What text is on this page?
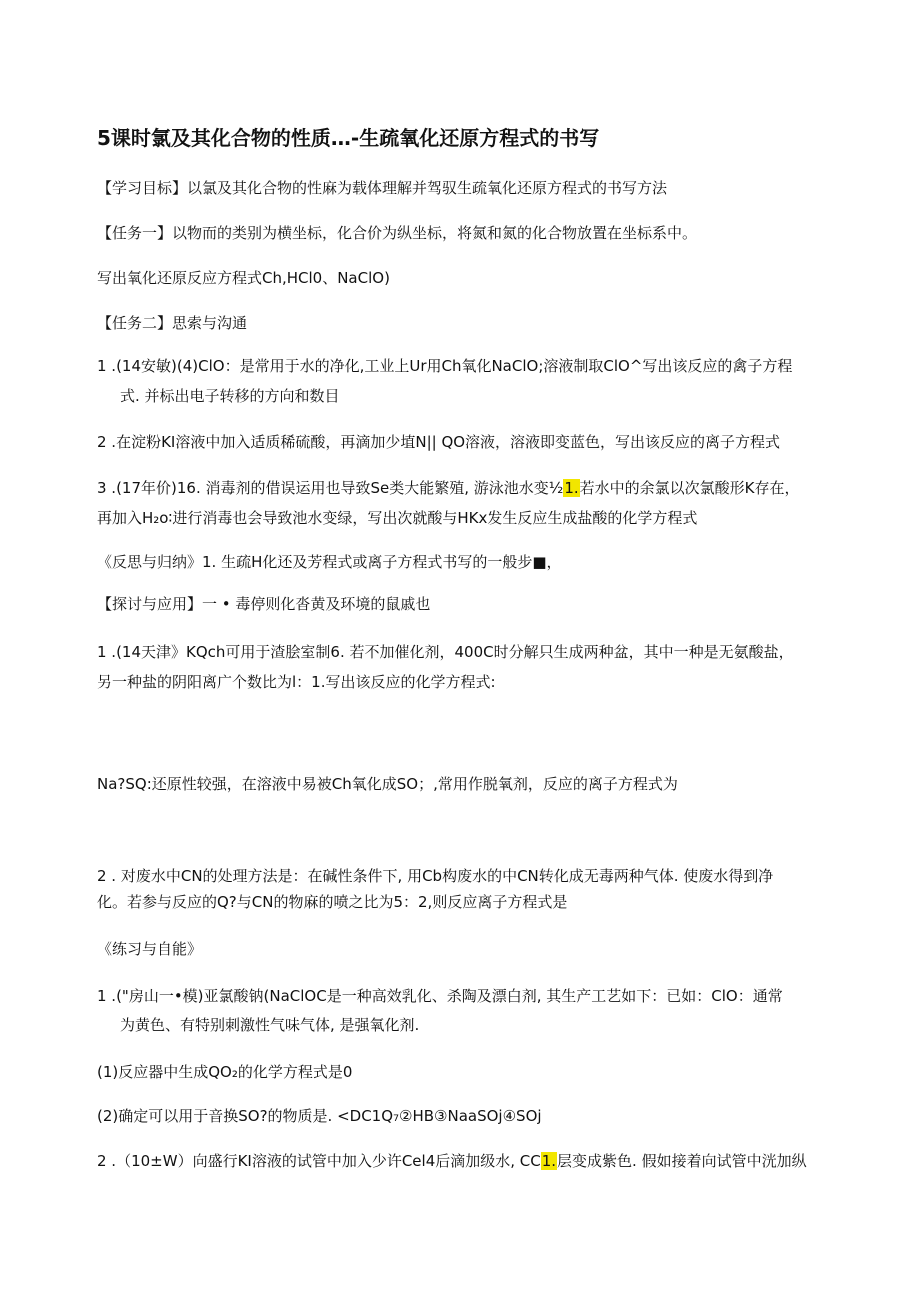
5课时氯及其化合物的性质…-生疏氧化还原方程式的书写
【学习目标】以氯及其化合物的性麻为载体理解并驾驭生疏氧化还原方程式的书写方法
【任务一】以物而的类别为横坐标，化合价为纵坐标，将氮和氮的化合物放置在坐标系中。
写出氧化还原反应方程式Ch,HCl0、NaClO)
【任务二】思索与沟通
1 .(14安敏)(4)ClO：是常用于水的净化,工业上Ur用Ch氧化NaClO;溶液制取ClO^写出该反应的禽子方程
式. 并标出电子转移的方向和数目
2 .在淀粉KI溶液中加入适质稀硫酸，再滴加少埴N|| QO溶液，溶液即变蓝色，写出该反应的离子方程式
3 .(17年价)16. 消毒剂的借误运用也导致Se类大能繁殖, 游泳池水变½1.若水中的余氯以次氯酸形K存在，
再加入H₂o∶进行消毒也会导致池水变绿，写出次就酸与HKx发生反应生成盐酸的化学方程式
《反思与归纳》1. 生疏H化还及芳程式或离子方程式书写的一般步■，
【探讨与应用】一 • 毒停则化沓黄及环境的鼠戚也
1 .(14天津》KQch可用于渣脍室制6. 若不加催化剂，400C时分解只生成两种盆，其中一种是无氨酸盐，
另一种盐的阴阳离广个数比为l：1.写出该反应的化学方程式:
Na?SQ:还原性较强，在溶液中易被Ch氧化成SO；,常用作脱氧剂，反应的离子方程式为
2 . 对废水中CN的处理方法是：在碱性条件下, 用Cb构废水的中CN转化成无毒两种气体. 使废水得到净
化。若参与反应的Q?与CN的物麻的喷之比为5：2,则反应离子方程式是
《练习与自能》
1 .("房山一•模)亚氯酸钠(NaClOC是一种高效乳化、杀陶及漂白剂, 其生产工艺如下：已如：ClO：通常
为黄色、有特别刺激性气味气体, 是强氧化剂.
(1)反应器中生成QO₂的化学方程式是0
(2)确定可以用于音换SO?的物质是. <DC1Q₇②HB③NaaSOj④SOj
2 .（10±W）向盛行KI溶液的试管中加入少许Cel4后滴加级水, CC1.层变成紫色. 假如接着向试管中洸加纵
